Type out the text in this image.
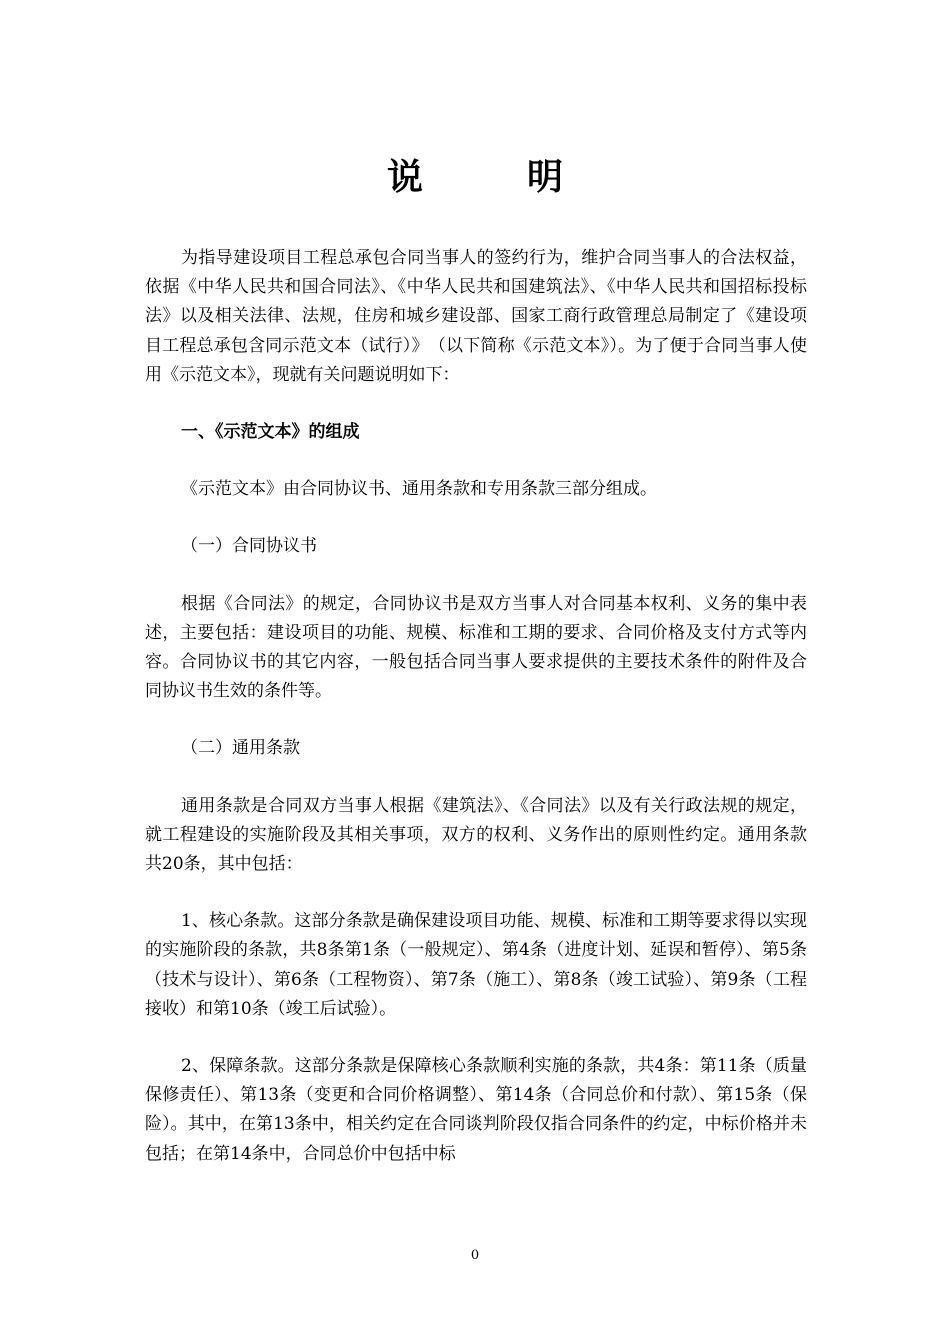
说　明

为指导建设项目工程总承包合同当事人的签约行为，维护合同当事人的合法权益，依据《中华人民共和国合同法》、《中华人民共和国建筑法》、《中华人民共和国招标投标法》以及相关法律、法规，住房和城乡建设部、国家工商行政管理总局制定了《建设项目工程总承包含同示范文本（试行）》　（以下简称《示范文本》）。为了便于合同当事人使用《示范文本》，现就有关问题说明如下：

一、《示范文本》的组成

《示范文本》由合同协议书、通用条款和专用条款三部分组成。

（一）合同协议书

根据《合同法》的规定，合同协议书是双方当事人对合同基本权利、义务的集中表述，主要包括：建设项目的功能、规模、标准和工期的要求、合同价格及支付方式等内容。合同协议书的其它内容，一般包括合同当事人要求提供的主要技术条件的附件及合同协议书生效的条件等。

（二）通用条款

通用条款是合同双方当事人根据《建筑法》、《合同法》以及有关行政法规的规定，就工程建设的实施阶段及其相关事项，双方的权利、义务作出的原则性约定。通用条款共20条，其中包括：

1、核心条款。这部分条款是确保建设项目功能、规模、标准和工期等要求得以实现的实施阶段的条款，共8条第1条（一般规定）、第4条（进度计划、延误和暂停）、第5条（技术与设计）、第6条（工程物资）、第7条（施工）、第8条（竣工试验）、第9条（工程接收）和第10条（竣工后试验）。

2、保障条款。这部分条款是保障核心条款顺利实施的条款，共4条：第11条（质量保修责任）、第13条（变更和合同价格调整）、第14条（合同总价和付款）、第15条（保险）。其中，在第13条中，相关约定在合同谈判阶段仅指合同条件的约定，中标价格并未包括；在第14条中，合同总价中包括中标

0
